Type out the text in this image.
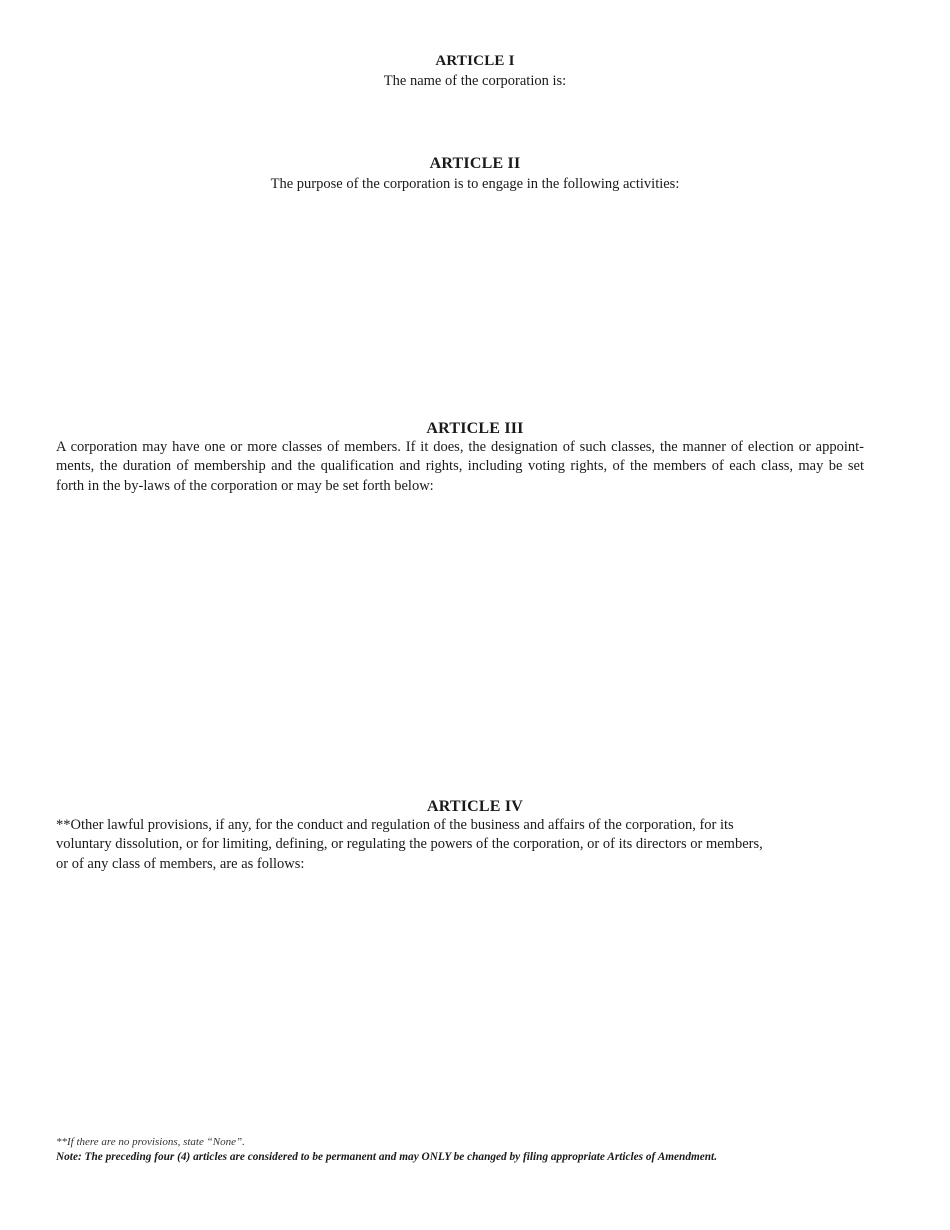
ARTICLE I
The name of the corporation is:
ARTICLE II
The purpose of the corporation is to engage in the following activities:
ARTICLE III
A corporation may have one or more classes of members. If it does, the designation of such classes, the manner of election or appoint-
ments, the duration of membership and the qualification and rights, including voting rights, of the members of each class, may be set
forth in the by-laws of the corporation or may be set forth below:
ARTICLE IV
**Other lawful provisions, if any, for the conduct and regulation of the business and affairs of the corporation, for its
voluntary dissolution, or for limiting, defining, or regulating the powers of the corporation, or of its directors or members,
or of any class of members, are as follows:
**If there are no provisions, state “None”.
Note: The preceding four (4) articles are considered to be permanent and may ONLY be changed by filing appropriate Articles of Amendment.
